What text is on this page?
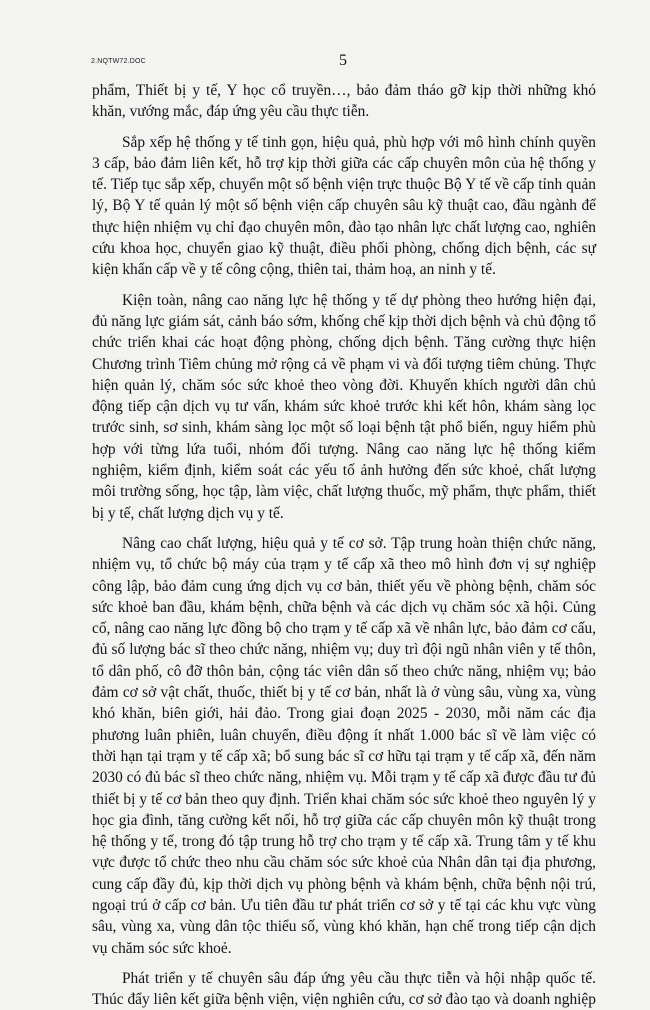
2.NQTW72.DOC	5

phẩm, Thiết bị y tế, Y học cổ truyền…, bảo đảm tháo gỡ kịp thời những khó khăn, vướng mắc, đáp ứng yêu cầu thực tiễn.

Sắp xếp hệ thống y tế tinh gọn, hiệu quả, phù hợp với mô hình chính quyền 3 cấp, bảo đảm liên kết, hỗ trợ kịp thời giữa các cấp chuyên môn của hệ thống y tế. Tiếp tục sắp xếp, chuyển một số bệnh viện trực thuộc Bộ Y tế về cấp tỉnh quản lý, Bộ Y tế quản lý một số bệnh viện cấp chuyên sâu kỹ thuật cao, đầu ngành để thực hiện nhiệm vụ chỉ đạo chuyên môn, đào tạo nhân lực chất lượng cao, nghiên cứu khoa học, chuyển giao kỹ thuật, điều phối phòng, chống dịch bệnh, các sự kiện khẩn cấp về y tế công cộng, thiên tai, thảm hoạ, an ninh y tế.

Kiện toàn, nâng cao năng lực hệ thống y tế dự phòng theo hướng hiện đại, đủ năng lực giám sát, cảnh báo sớm, khống chế kịp thời dịch bệnh và chủ động tổ chức triển khai các hoạt động phòng, chống dịch bệnh. Tăng cường thực hiện Chương trình Tiêm chủng mở rộng cả về phạm vi và đối tượng tiêm chủng. Thực hiện quản lý, chăm sóc sức khoẻ theo vòng đời. Khuyến khích người dân chủ động tiếp cận dịch vụ tư vấn, khám sức khoẻ trước khi kết hôn, khám sàng lọc trước sinh, sơ sinh, khám sàng lọc một số loại bệnh tật phổ biến, nguy hiểm phù hợp với từng lứa tuổi, nhóm đối tượng. Nâng cao năng lực hệ thống kiểm nghiệm, kiểm định, kiểm soát các yếu tố ảnh hưởng đến sức khoẻ, chất lượng môi trường sống, học tập, làm việc, chất lượng thuốc, mỹ phẩm, thực phẩm, thiết bị y tế, chất lượng dịch vụ y tế.

Nâng cao chất lượng, hiệu quả y tế cơ sở. Tập trung hoàn thiện chức năng, nhiệm vụ, tổ chức bộ máy của trạm y tế cấp xã theo mô hình đơn vị sự nghiệp công lập, bảo đảm cung ứng dịch vụ cơ bản, thiết yếu về phòng bệnh, chăm sóc sức khoẻ ban đầu, khám bệnh, chữa bệnh và các dịch vụ chăm sóc xã hội. Củng cố, nâng cao năng lực đồng bộ cho trạm y tế cấp xã về nhân lực, bảo đảm cơ cấu, đủ số lượng bác sĩ theo chức năng, nhiệm vụ; duy trì đội ngũ nhân viên y tế thôn, tổ dân phố, cô đỡ thôn bản, cộng tác viên dân số theo chức năng, nhiệm vụ; bảo đảm cơ sở vật chất, thuốc, thiết bị y tế cơ bản, nhất là ở vùng sâu, vùng xa, vùng khó khăn, biên giới, hải đảo. Trong giai đoạn 2025 - 2030, mỗi năm các địa phương luân phiên, luân chuyển, điều động ít nhất 1.000 bác sĩ về làm việc có thời hạn tại trạm y tế cấp xã; bổ sung bác sĩ cơ hữu tại trạm y tế cấp xã, đến năm 2030 có đủ bác sĩ theo chức năng, nhiệm vụ. Mỗi trạm y tế cấp xã được đầu tư đủ thiết bị y tế cơ bản theo quy định. Triển khai chăm sóc sức khoẻ theo nguyên lý y học gia đình, tăng cường kết nối, hỗ trợ giữa các cấp chuyên môn kỹ thuật trong hệ thống y tế, trong đó tập trung hỗ trợ cho trạm y tế cấp xã. Trung tâm y tế khu vực được tổ chức theo nhu cầu chăm sóc sức khoẻ của Nhân dân tại địa phương, cung cấp đầy đủ, kịp thời dịch vụ phòng bệnh và khám bệnh, chữa bệnh nội trú, ngoại trú ở cấp cơ bản. Ưu tiên đầu tư phát triển cơ sở y tế tại các khu vực vùng sâu, vùng xa, vùng dân tộc thiểu số, vùng khó khăn, hạn chế trong tiếp cận dịch vụ chăm sóc sức khoẻ.

Phát triển y tế chuyên sâu đáp ứng yêu cầu thực tiễn và hội nhập quốc tế. Thúc đẩy liên kết giữa bệnh viện, viện nghiên cứu, cơ sở đào tạo và doanh nghiệp
